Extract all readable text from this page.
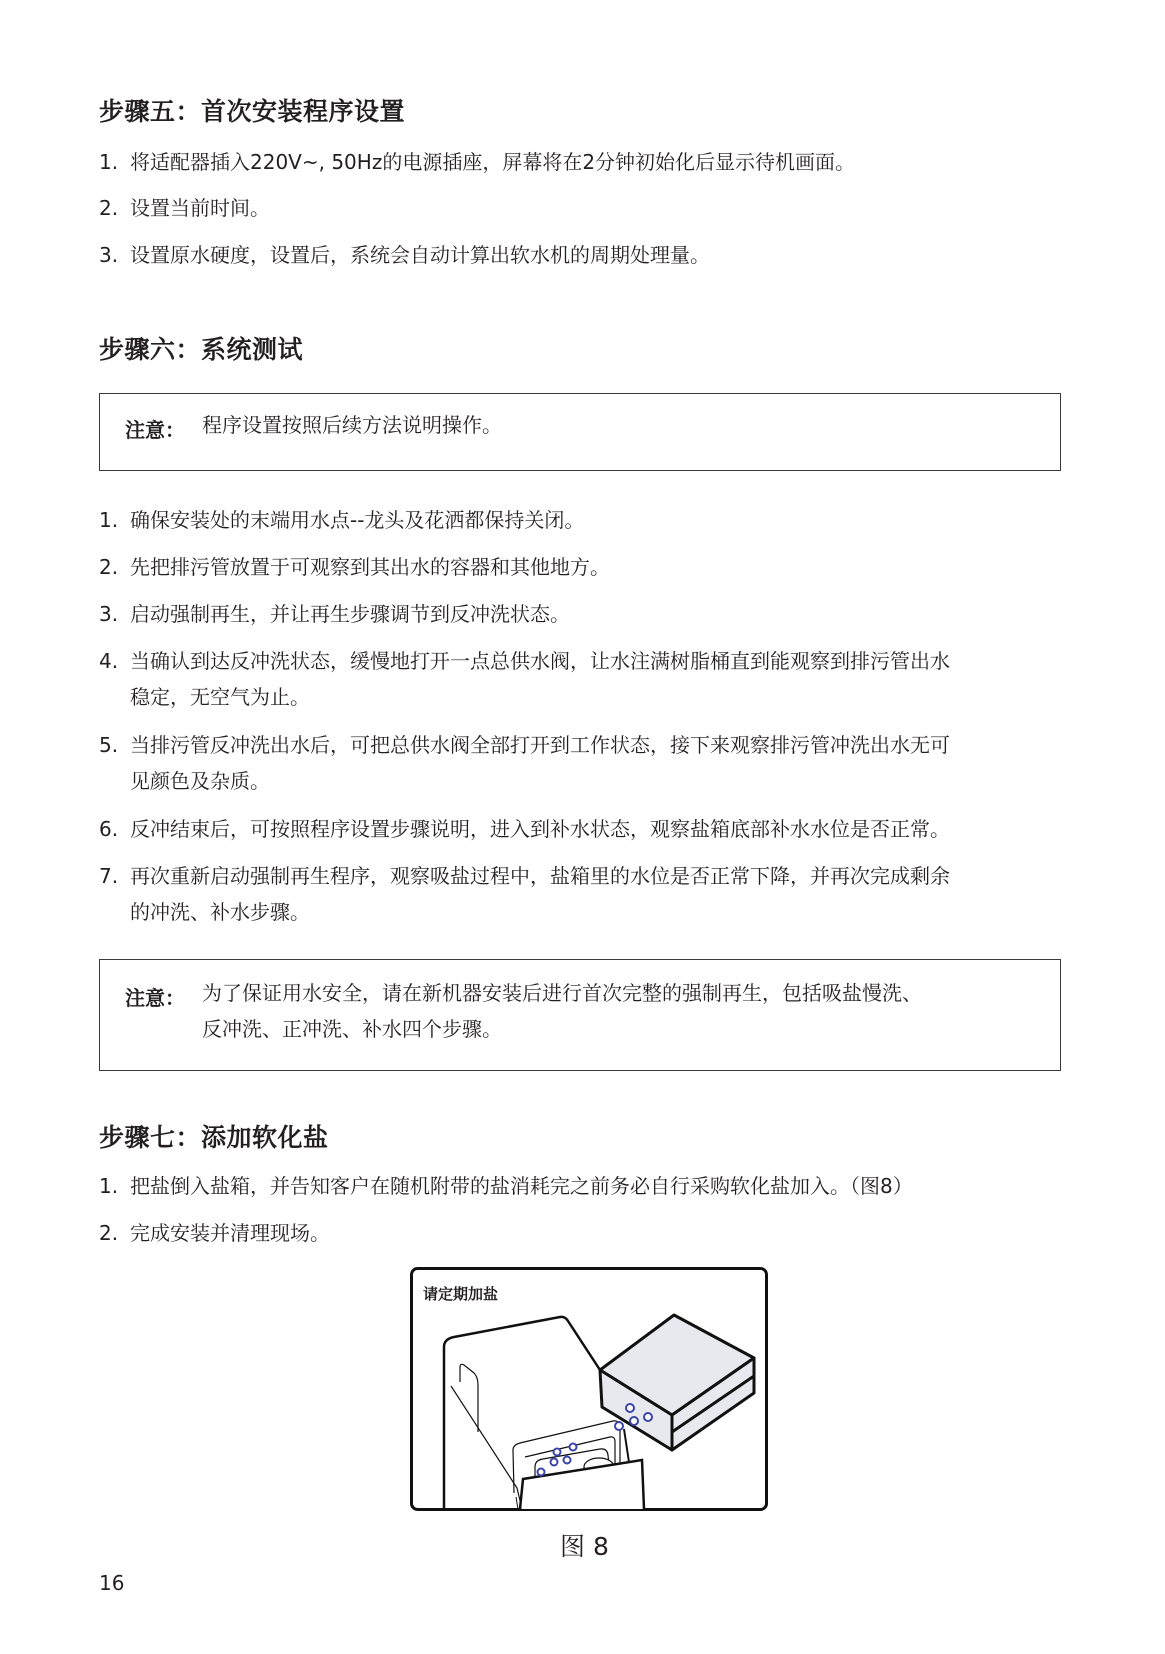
步骤五：首次安装程序设置
1. 将适配器插入220V~, 50Hz的电源插座，屏幕将在2分钟初始化后显示待机画面。
2. 设置当前时间。
3. 设置原水硬度，设置后，系统会自动计算出软水机的周期处理量。
步骤六：系统测试
注意： 程序设置按照后续方法说明操作。
1. 确保安装处的末端用水点--龙头及花洒都保持关闭。
2. 先把排污管放置于可观察到其出水的容器和其他地方。
3. 启动强制再生，并让再生步骤调节到反冲洗状态。
4. 当确认到达反冲洗状态，缓慢地打开一点总供水阀，让水注满树脂桶直到能观察到排污管出水
稳定，无空气为止。
5. 当排污管反冲洗出水后，可把总供水阀全部打开到工作状态，接下来观察排污管冲洗出水无可
见颜色及杂质。
6. 反冲结束后，可按照程序设置步骤说明，进入到补水状态，观察盐箱底部补水水位是否正常。
7. 再次重新启动强制再生程序，观察吸盐过程中，盐箱里的水位是否正常下降，并再次完成剩余
的冲洗、补水步骤。
注意： 为了保证用水安全，请在新机器安装后进行首次完整的强制再生，包括吸盐慢洗、
反冲洗、正冲洗、补水四个步骤。
步骤七：添加软化盐
1. 把盐倒入盐箱，并告知客户在随机附带的盐消耗完之前务必自行采购软化盐加入。（图8）
2. 完成安装并清理现场。
请定期加盐
图 8
16
